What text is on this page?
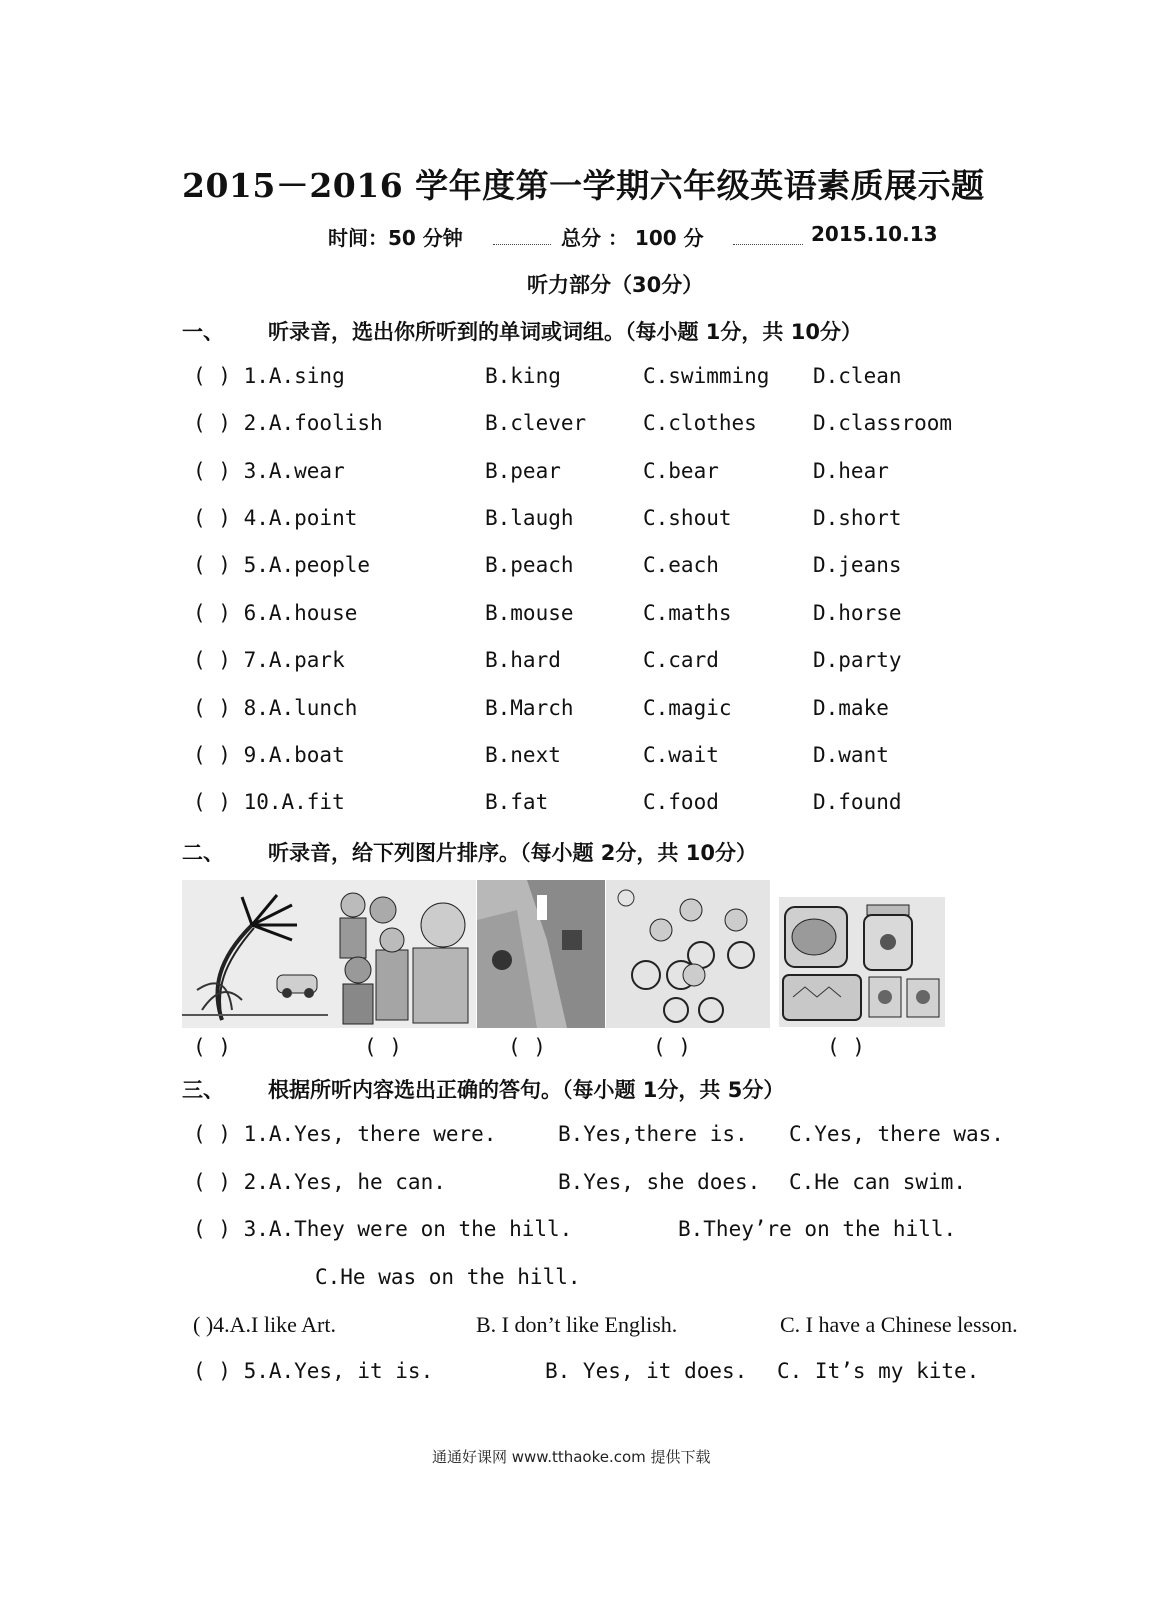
2015－2016 学年度第一学期六年级英语素质展示题
时间：50 分钟	总分 ： 100 分	2015.10.13
听力部分（30分）
一、 听录音，选出你所听到的单词或词组。（每小题 1分，共 10分）
( ) 1.A.sing	B.king	C.swimming D.clean
( ) 2.A.foolish	B.clever	C.clothes	D.classroom
( ) 3.A.wear	B.pear	C.bear	D.hear
( ) 4.A.point	B.laugh	C.shout	D.short
( ) 5.A.people	B.peach	C.each	D.jeans
( ) 6.A.house	B.mouse	C.maths	D.horse
( ) 7.A.park	B.hard	C.card	D.party
( ) 8.A.lunch	B.March	C.magic	D.make
( ) 9.A.boat	B.next	C.wait	D.want
( ) 10.A.fit	B.fat	C.food	D.found
二、 听录音，给下列图片排序。（每小题 2分，共 10分）
( )	( )	( )	( )	( )
三、 根据所听内容选出正确的答句。（每小题 1分，共 5分）
( ) 1.A.Yes, there were.	B.Yes,there is. C.Yes, there was.
( ) 2.A.Yes, he can.	B.Yes, she does. C.He can swim.
( ) 3.A.They were on the hill.	B.They’re on the hill.
C.He was on the hill.
( )4.A.I like Art.	B. I don’t like English.	C. I have a Chinese lesson.
( ) 5.A.Yes, it is.	B. Yes, it does. C. It’s my kite.
通通好课网 www.tthaoke.com 提供下载
